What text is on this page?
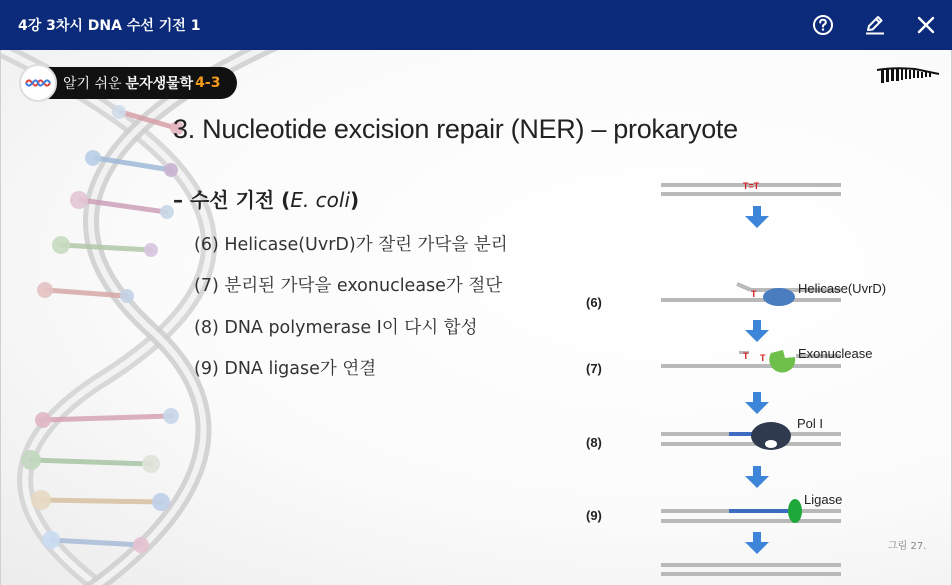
4강 3차시 DNA 수선 기전 1
알기 쉬운 분자생물학 4-3
3. Nucleotide excision repair (NER) – prokaryote
– 수선 기전 (E. coli)
(6) Helicase(UvrD)가 잘린 가닥을 분리
(7) 분리된 가닥을 exonuclease가 절단
(8) DNA polymerase I이 다시 합성
(9) DNA ligase가 연결
T=T
(6)
T	Helicase(UvrD)
(7)
T T	Exonuclease
(8)
Pol I
(9)
Ligase
그림 27.
